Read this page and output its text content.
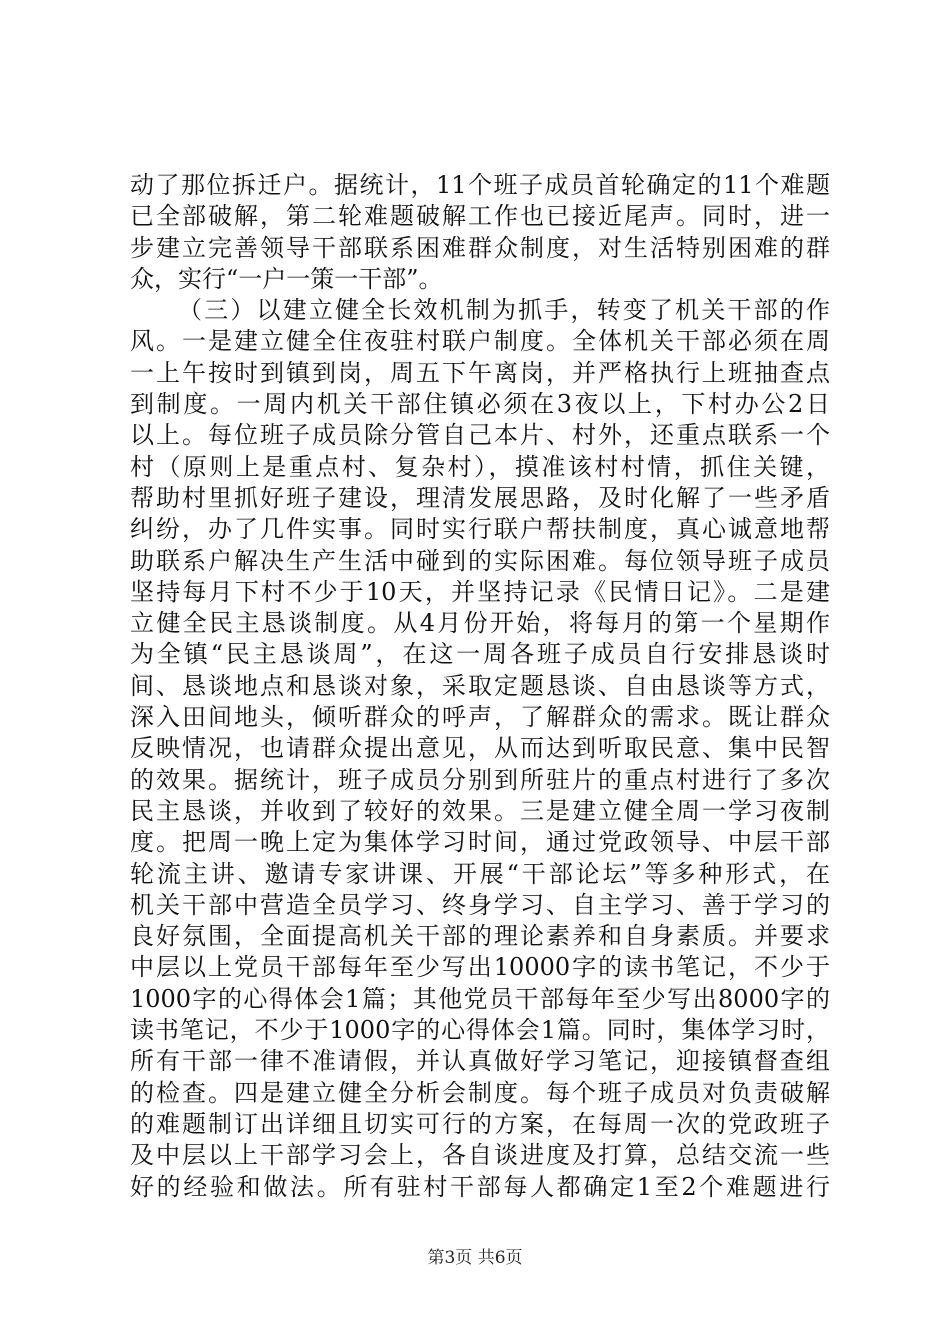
动了那位拆迁户。据统计，11个班子成员首轮确定的11个难题
已全部破解，第二轮难题破解工作也已接近尾声。同时，进一
步建立完善领导干部联系困难群众制度，对生活特别困难的群
众，实行“一户一策一干部”。
（三）以建立健全长效机制为抓手，转变了机关干部的作
风。一是建立健全住夜驻村联户制度。全体机关干部必须在周
一上午按时到镇到岗，周五下午离岗，并严格执行上班抽查点
到制度。一周内机关干部住镇必须在3夜以上，下村办公2日
以上。每位班子成员除分管自己本片、村外，还重点联系一个
村（原则上是重点村、复杂村），摸准该村村情，抓住关键，
帮助村里抓好班子建设，理清发展思路，及时化解了一些矛盾
纠纷，办了几件实事。同时实行联户帮扶制度，真心诚意地帮
助联系户解决生产生活中碰到的实际困难。每位领导班子成员
坚持每月下村不少于10天，并坚持记录《民情日记》。二是建
立健全民主恳谈制度。从4月份开始，将每月的第一个星期作
为全镇“民主恳谈周”，在这一周各班子成员自行安排恳谈时
间、恳谈地点和恳谈对象，采取定题恳谈、自由恳谈等方式，
深入田间地头，倾听群众的呼声，了解群众的需求。既让群众
反映情况，也请群众提出意见，从而达到听取民意、集中民智
的效果。据统计，班子成员分别到所驻片的重点村进行了多次
民主恳谈，并收到了较好的效果。三是建立健全周一学习夜制
度。把周一晚上定为集体学习时间，通过党政领导、中层干部
轮流主讲、邀请专家讲课、开展“干部论坛”等多种形式，在
机关干部中营造全员学习、终身学习、自主学习、善于学习的
良好氛围，全面提高机关干部的理论素养和自身素质。并要求
中层以上党员干部每年至少写出10000字的读书笔记，不少于
1000字的心得体会1篇；其他党员干部每年至少写出8000字的
读书笔记，不少于1000字的心得体会1篇。同时，集体学习时，
所有干部一律不准请假，并认真做好学习笔记，迎接镇督查组
的检查。四是建立健全分析会制度。每个班子成员对负责破解
的难题制订出详细且切实可行的方案，在每周一次的党政班子
及中层以上干部学习会上，各自谈进度及打算，总结交流一些
好的经验和做法。所有驻村干部每人都确定1至2个难题进行
第3页 共6页
